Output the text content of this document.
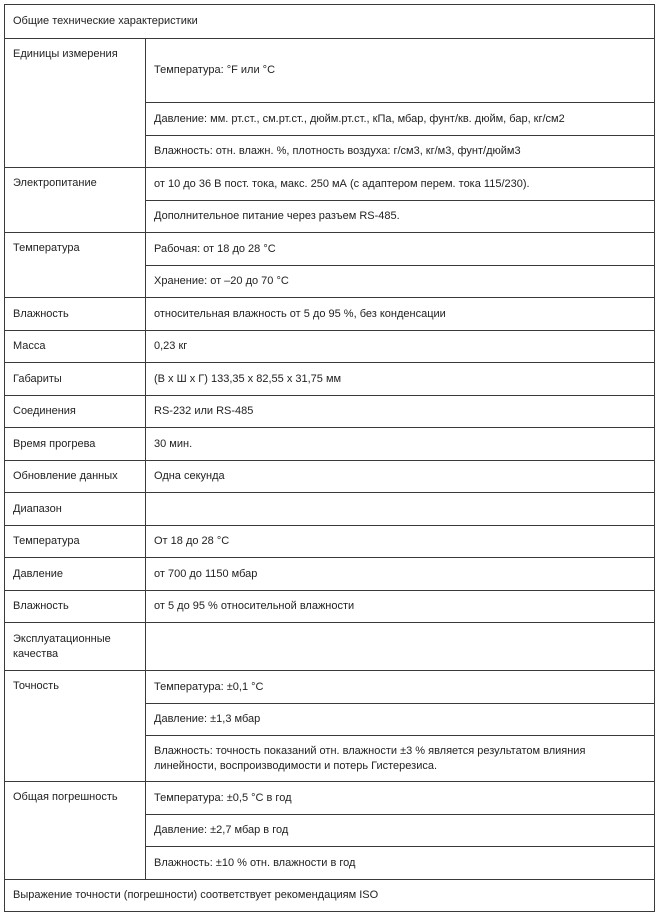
Общие технические характеристики	
Единицы измерения	Температура: °F или °C
	Давление: мм. рт.ст., см.рт.ст., дюйм.рт.ст., кПа, мбар, фунт/кв. дюйм, бар, кг/см2
	Влажность: отн. влажн. %, плотность воздуха: г/см3, кг/м3, фунт/дюйм3
Электропитание	от 10 до 36 В пост. тока, макс. 250 мА (с адаптером перем. тока 115/230).
	Дополнительное питание через разъем RS-485.
Температура	Рабочая: от 18 до 28 °С
	Хранение: от –20 до 70 °С
Влажность	относительная влажность от 5 до 95 %, без конденсации
Масса	0,23 кг
Габариты	(В x Ш x Г) 133,35 x 82,55 x 31,75 мм
Соединения	RS-232 или RS-485
Время прогрева	30 мин.
Обновление данных	Одна секунда
Диапазон	
Температура	От 18 до 28 °С
Давление	от 700 до 1150 мбар
Влажность	от 5 до 95 % относительной влажности
Эксплуатационные качества	
Точность	Температура: ±0,1 °С
	Давление: ±1,3 мбар
	Влажность: точность показаний отн. влажности ±3 % является результатом влияния линейности, воспроизводимости и потерь Гистерезиса.
Общая погрешность	Температура: ±0,5 °С в год
	Давление: ±2,7 мбар в год
	Влажность: ±10 % отн. влажности в год
Выражение точности (погрешности) соответствует рекомендациям ISO	
